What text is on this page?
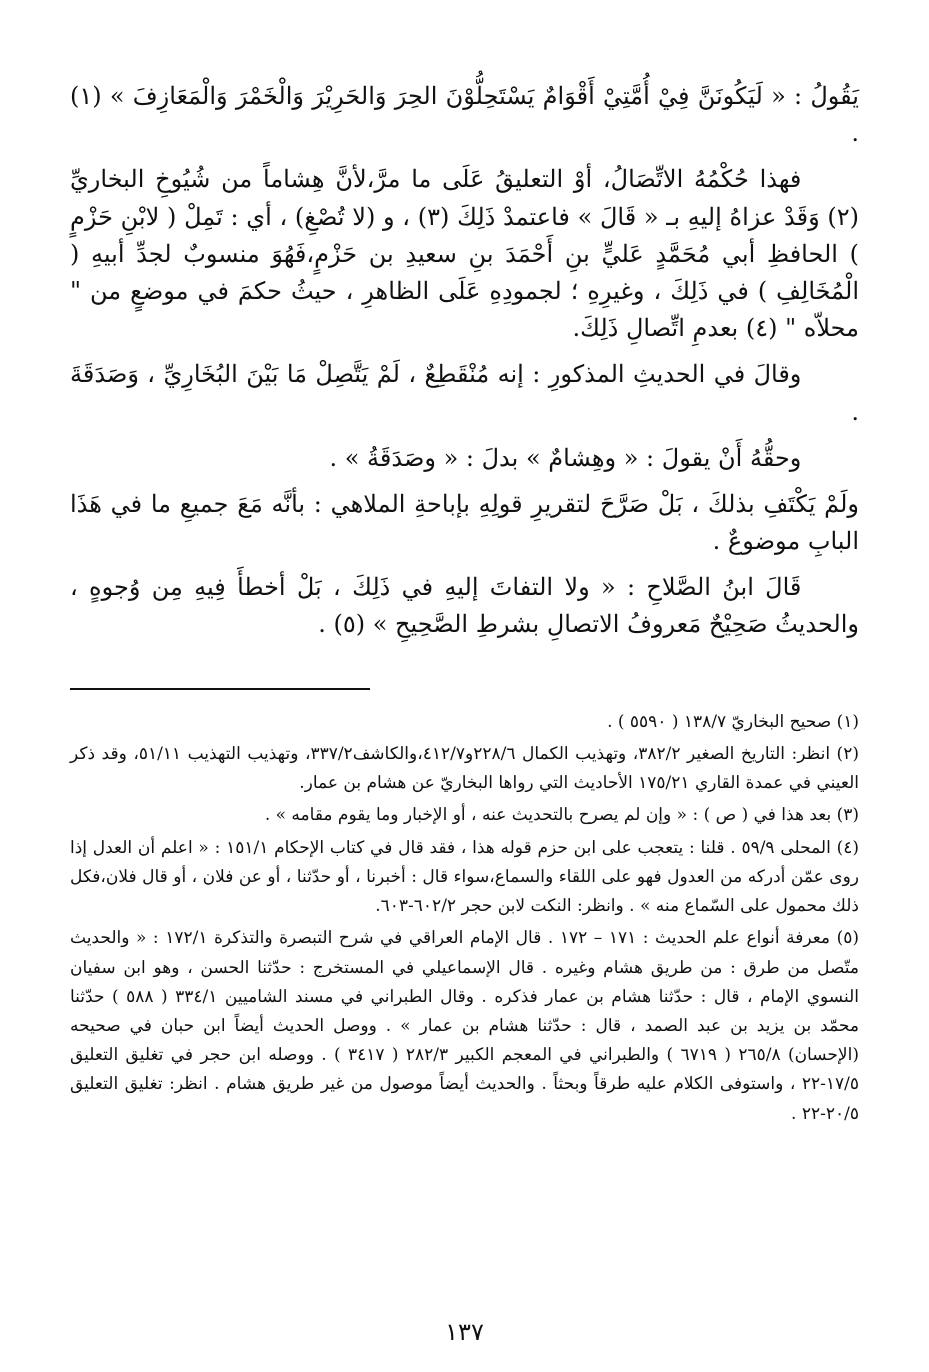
يَقُولُ : « لَيَكُونَنَّ فِيْ أُمَّتِيْ أَقْوَامٌ يَسْتَحِلُّوْنَ الحِرَ وَالحَرِيْرَ وَالْخَمْرَ وَالْمَعَازِفَ » (١) .

فهذا حُكْمُهُ الاتِّصَالُ، أوْ التعليقُ عَلَى ما مرَّ،لأنَّ هِشاماً من شُيُوخِ البخاريِّ (٢) وَقَدْ عزاهُ إليهِ بـ « قَالَ » فاعتمدْ ذَلِكَ (٣) ، و (لا تُصْغِ) ، أي : تَمِلْ ( لابْنِ حَزْمٍ ) الحافظِ أبي مُحَمَّدٍ عَليٍّ بنِ أَحْمَدَ بنِ سعيدِ بن حَزْمٍ،فَهُوَ منسوبٌ لجدِّ أبيهِ ( الْمُخَالِفِ ) في ذَلِكَ ، وغيرِهِ ؛ لجمودِهِ عَلَى الظاهرِ ، حيثُ حكمَ في موضعٍ من " محلاّه " (٤) بعدمِ اتِّصالِ ذَلِكَ.

وقالَ في الحديثِ المذكورِ : إنه مُنْقَطِعٌ ، لَمْ يَتَّصِلْ مَا بَيْنَ البُخَارِيِّ ، وَصَدَقَةَ .

وحقُّهُ أَنْ يقولَ : « وهِشامٌ » بدلَ : « وصَدَقَةُ » .

ولَمْ يَكْتَفِ بذلكَ ، بَلْ صَرَّحَ لتقريرِ قولِهِ بإباحةِ الملاهي : بأنَّه مَعَ جميعِ ما في هَذَا البابِ موضوعٌ .

قَالَ ابنُ الصَّلاحِ : « ولا التفاتَ إليهِ في ذَلِكَ ، بَلْ أخطأَ فِيهِ مِن وُجوهٍ ، والحديثُ صَحِيْحٌ مَعروفُ الاتصالِ بشرطِ الصَّحِيحِ » (٥) .

(١) صحيح البخاريّ ١٣٨/٧ ( ٥٥٩٠ ) .

(٢) انظر: التاريخ الصغير ٣٨٢/٢، وتهذيب الكمال ٢٢٨/٦و٤١٢/٧،والكاشف٣٣٧/٢، وتهذيب التهذيب ٥١/١١، وقد ذكر العيني في عمدة القاري ١٧٥/٢١ الأحاديث التي رواها البخاريّ عن هشام بن عمار.

(٣) بعد هذا في ( ص ) : « وإن لم يصرح بالتحديث عنه ، أو الإخبار وما يقوم مقامه » .

(٤) المحلى ٥٩/٩ . قلنا : يتعجب على ابن حزم قوله هذا ، فقد قال في كتاب الإحكام ١٥١/١ : « اعلم أن العدل إذا روى عمّن أدركه من العدول فهو على اللقاء والسماع،سواء قال : أخبرنا ، أو حدّثنا ، أو عن فلان ، أو قال فلان،فكل ذلك محمول على السّماع منه » . وانظر: النكت لابن حجر ٦٠٢/٢-٦٠٣.

(٥) معرفة أنواع علم الحديث : ١٧١ – ١٧٢ . قال الإمام العراقي في شرح التبصرة والتذكرة ١٧٢/١ : « والحديث متّصل من طرق : من طريق هشام وغيره . قال الإسماعيلي في المستخرج : حدّثنا الحسن ، وهو ابن سفيان النسوي الإمام ، قال : حدّثنا هشام بن عمار فذكره . وقال الطبراني في مسند الشاميين ٣٣٤/١ ( ٥٨٨ ) حدّثنا محمّد بن يزيد بن عبد الصمد ، قال : حدّثنا هشام بن عمار » . ووصل الحديث أيضاً ابن حبان في صحيحه (الإحسان) ٢٦٥/٨ ( ٦٧١٩ ) والطبراني في المعجم الكبير ٢٨٢/٣ ( ٣٤١٧ ) . ووصله ابن حجر في تغليق التعليق ١٧/٥-٢٢ ، واستوفى الكلام عليه طرقاً وبحثاً . والحديث أيضاً موصول من غير طريق هشام . انظر: تغليق التعليق ٢٠/٥-٢٢ .

١٣٧
